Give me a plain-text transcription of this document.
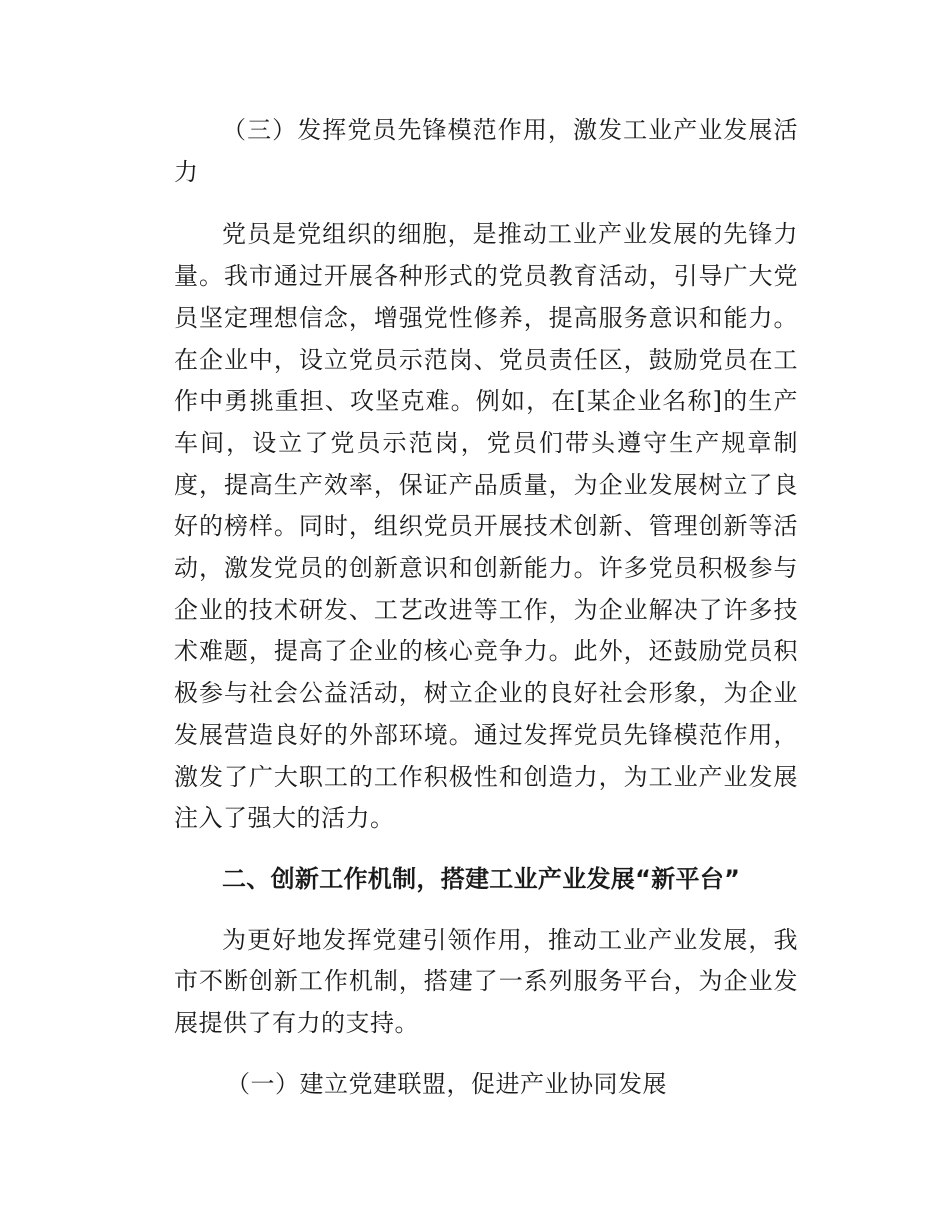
（三）发挥党员先锋模范作用，激发工业产业发展活力

党员是党组织的细胞，是推动工业产业发展的先锋力量。我市通过开展各种形式的党员教育活动，引导广大党员坚定理想信念，增强党性修养，提高服务意识和能力。在企业中，设立党员示范岗、党员责任区，鼓励党员在工作中勇挑重担、攻坚克难。例如，在[某企业名称]的生产车间，设立了党员示范岗，党员们带头遵守生产规章制度，提高生产效率，保证产品质量，为企业发展树立了良好的榜样。同时，组织党员开展技术创新、管理创新等活动，激发党员的创新意识和创新能力。许多党员积极参与企业的技术研发、工艺改进等工作，为企业解决了许多技术难题，提高了企业的核心竞争力。此外，还鼓励党员积极参与社会公益活动，树立企业的良好社会形象，为企业发展营造良好的外部环境。通过发挥党员先锋模范作用，激发了广大职工的工作积极性和创造力，为工业产业发展注入了强大的活力。

二、创新工作机制，搭建工业产业发展“新平台”

为更好地发挥党建引领作用，推动工业产业发展，我市不断创新工作机制，搭建了一系列服务平台，为企业发展提供了有力的支持。

（一）建立党建联盟，促进产业协同发展
